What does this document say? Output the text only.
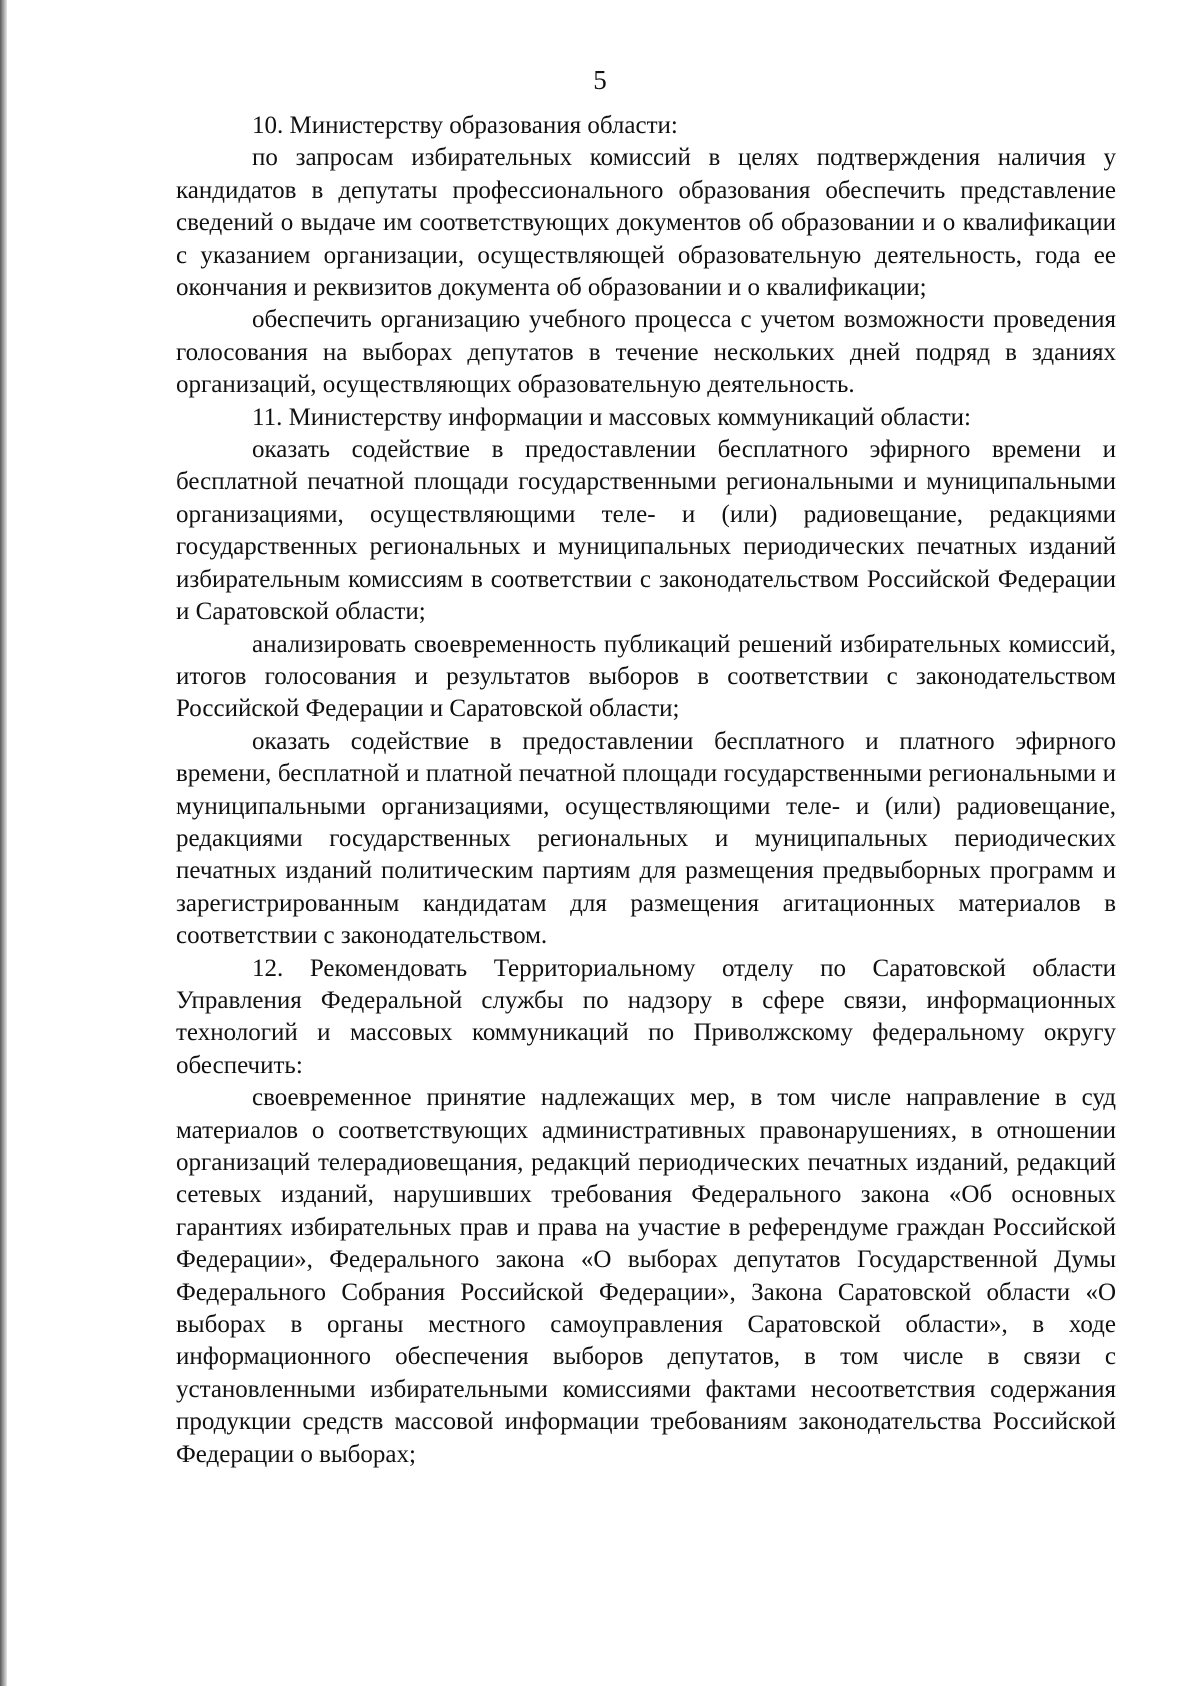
5

10. Министерству образования области:

по запросам избирательных комиссий в целях подтверждения наличия у кандидатов в депутаты профессионального образования обеспечить представление сведений о выдаче им соответствующих документов об образовании и о квалификации с указанием организации, осуществляющей образовательную деятельность, года ее окончания и реквизитов документа об образовании и о квалификации;

обеспечить организацию учебного процесса с учетом возможности проведения голосования на выборах депутатов в течение нескольких дней подряд в зданиях организаций, осуществляющих образовательную деятельность.

11. Министерству информации и массовых коммуникаций области:

оказать содействие в предоставлении бесплатного эфирного времени и бесплатной печатной площади государственными региональными и муниципальными организациями, осуществляющими теле- и (или) радиовещание, редакциями государственных региональных и муниципальных периодических печатных изданий избирательным комиссиям в соответствии с законодательством Российской Федерации и Саратовской области;

анализировать своевременность публикаций решений избирательных комиссий, итогов голосования и результатов выборов в соответствии с законодательством Российской Федерации и Саратовской области;

оказать содействие в предоставлении бесплатного и платного эфирного времени, бесплатной и платной печатной площади государственными региональными и муниципальными организациями, осуществляющими теле- и (или) радиовещание, редакциями государственных региональных и муниципальных периодических печатных изданий политическим партиям для размещения предвыборных программ и зарегистрированным кандидатам для размещения агитационных материалов в соответствии с законодательством.

12. Рекомендовать Территориальному отделу по Саратовской области Управления Федеральной службы по надзору в сфере связи, информационных технологий и массовых коммуникаций по Приволжскому федеральному округу обеспечить:

своевременное принятие надлежащих мер, в том числе направление в суд материалов о соответствующих административных правонарушениях, в отношении организаций телерадиовещания, редакций периодических печатных изданий, редакций сетевых изданий, нарушивших требования Федерального закона «Об основных гарантиях избирательных прав и права на участие в референдуме граждан Российской Федерации», Федерального закона «О выборах депутатов Государственной Думы Федерального Собрания Российской Федерации», Закона Саратовской области «О выборах в органы местного самоуправления Саратовской области», в ходе информационного обеспечения выборов депутатов, в том числе в связи с установленными избирательными комиссиями фактами несоответствия содержания продукции средств массовой информации требованиям законодательства Российской Федерации о выборах;
